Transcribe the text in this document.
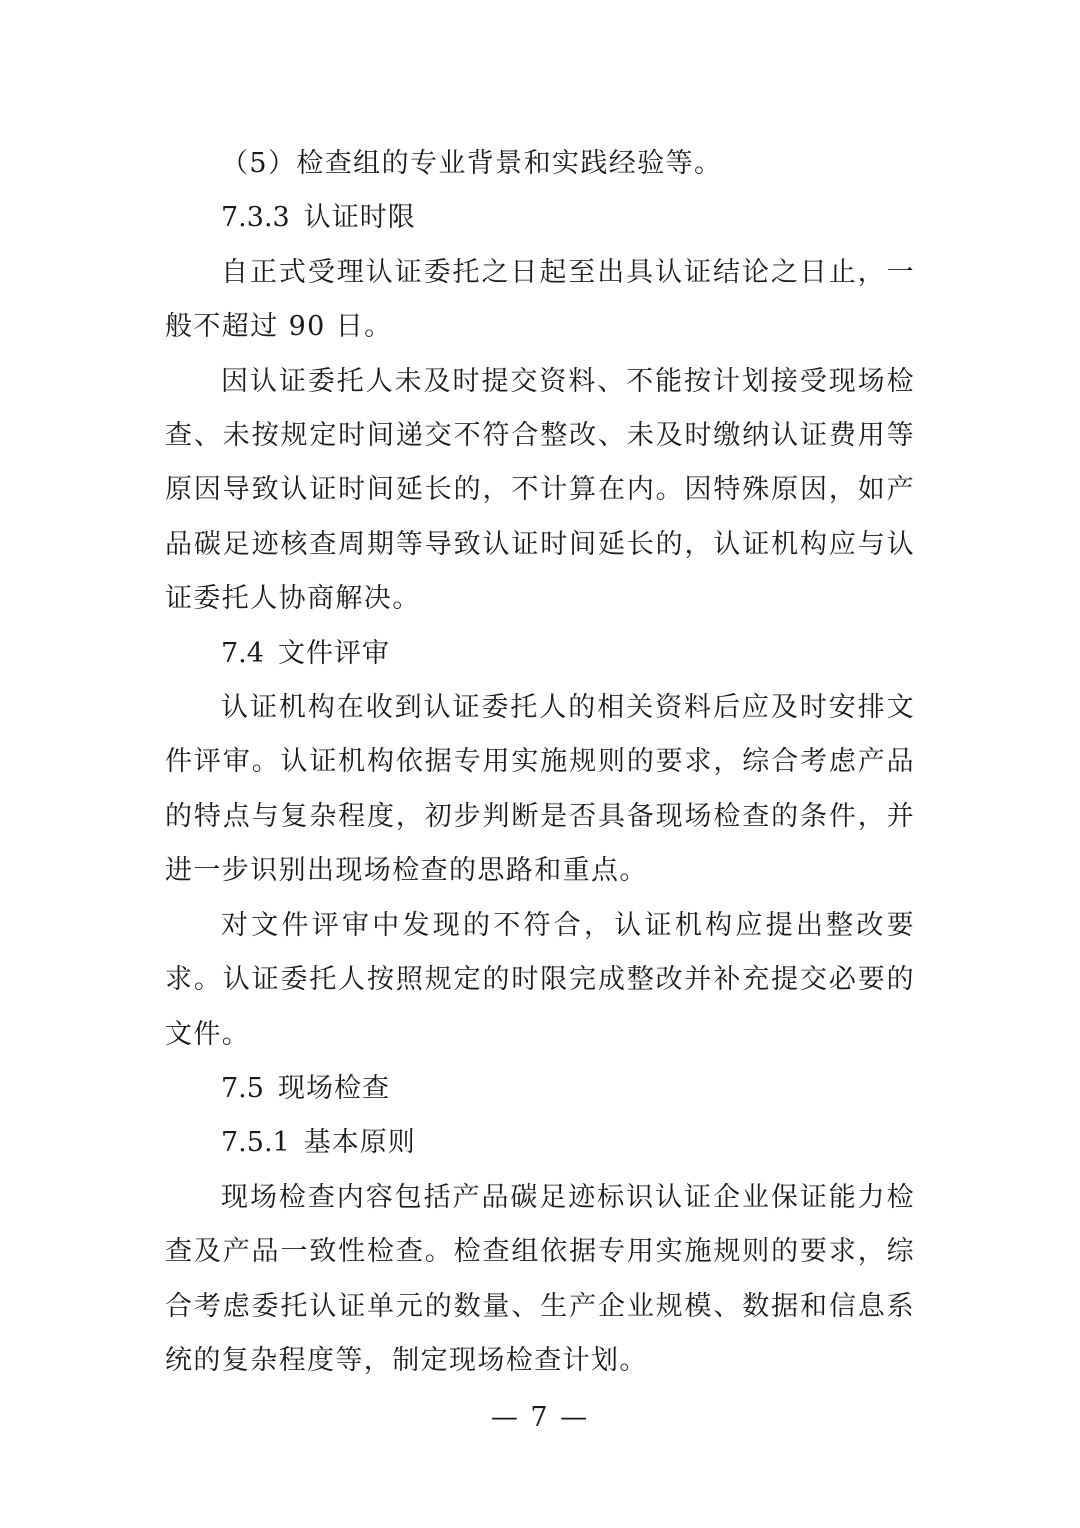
（5）检查组的专业背景和实践经验等。

7.3.3 认证时限

自正式受理认证委托之日起至出具认证结论之日止，一般不超过 90 日。

因认证委托人未及时提交资料、不能按计划接受现场检查、未按规定时间递交不符合整改、未及时缴纳认证费用等原因导致认证时间延长的，不计算在内。因特殊原因，如产品碳足迹核查周期等导致认证时间延长的，认证机构应与认证委托人协商解决。

7.4 文件评审

认证机构在收到认证委托人的相关资料后应及时安排文件评审。认证机构依据专用实施规则的要求，综合考虑产品的特点与复杂程度，初步判断是否具备现场检查的条件，并进一步识别出现场检查的思路和重点。

对文件评审中发现的不符合，认证机构应提出整改要求。认证委托人按照规定的时限完成整改并补充提交必要的文件。

7.5 现场检查

7.5.1 基本原则

现场检查内容包括产品碳足迹标识认证企业保证能力检查及产品一致性检查。检查组依据专用实施规则的要求，综合考虑委托认证单元的数量、生产企业规模、数据和信息系统的复杂程度等，制定现场检查计划。

— 7 —
